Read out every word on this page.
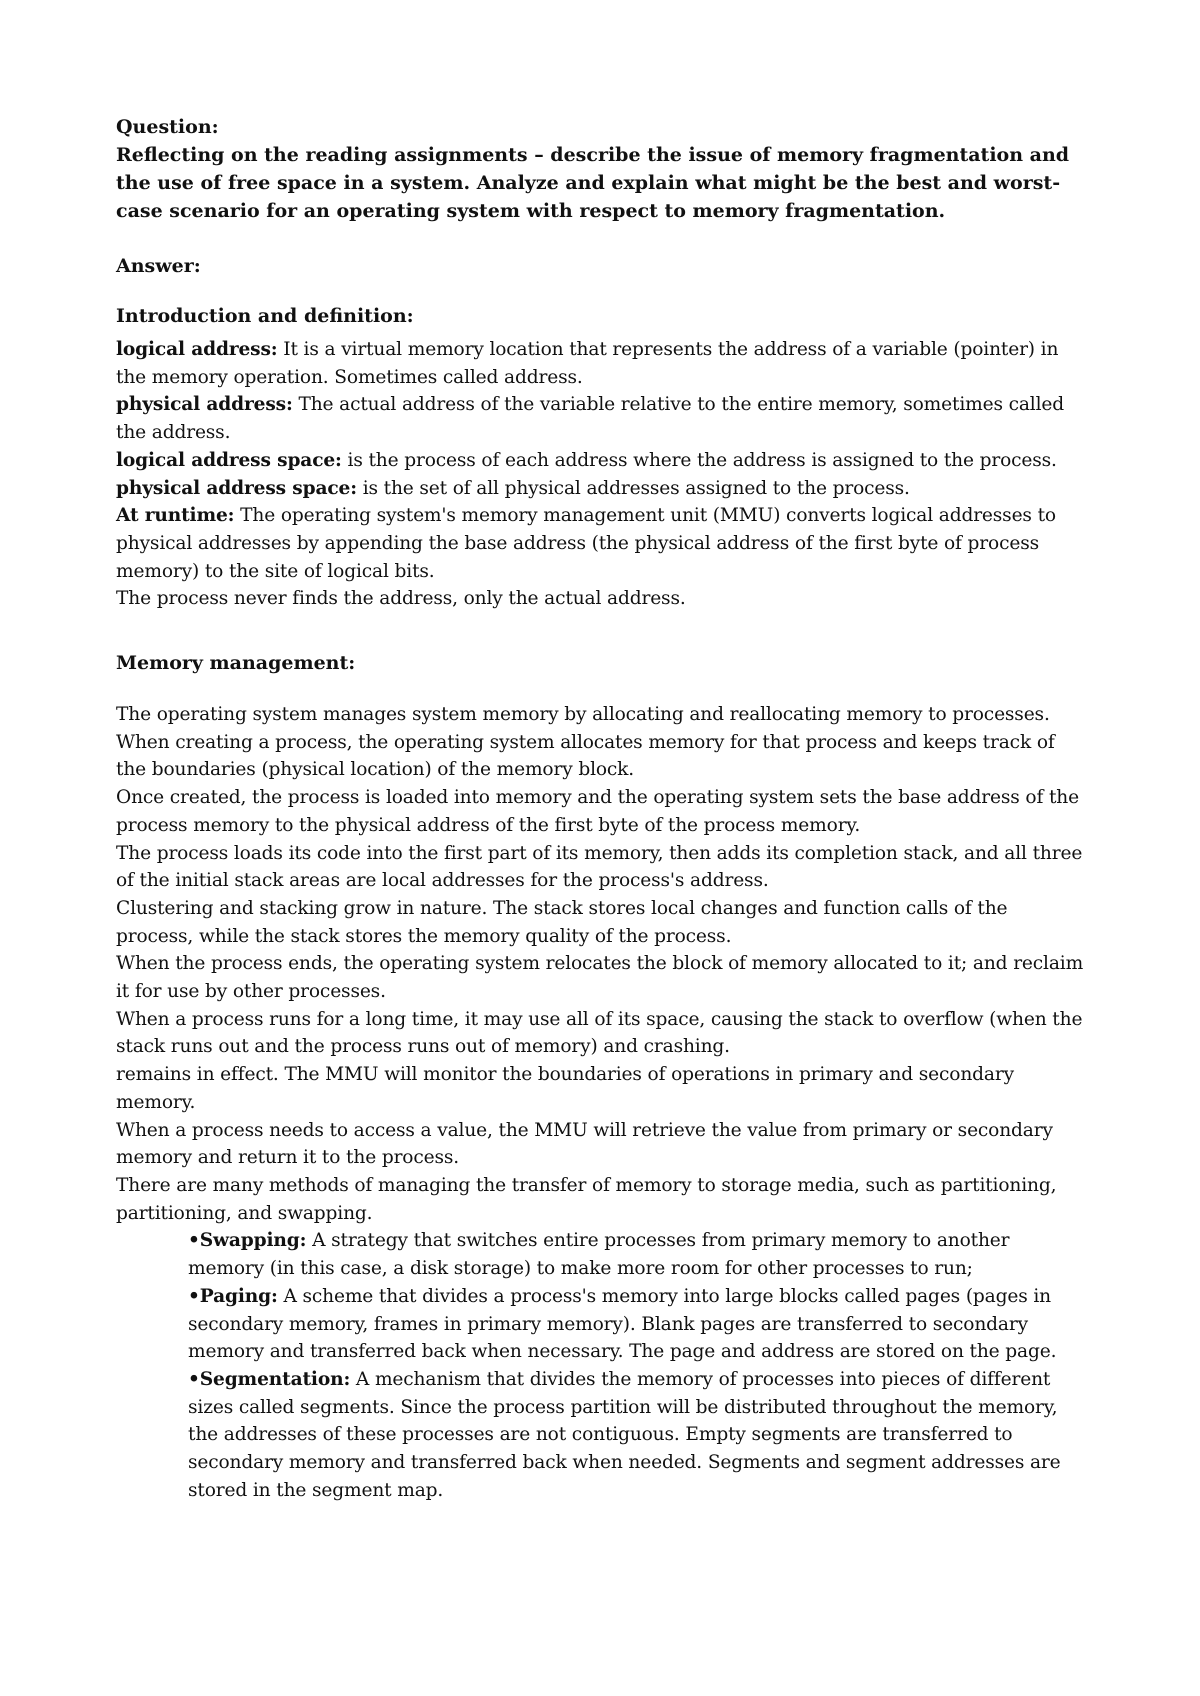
Question:

Reflecting on the reading assignments – describe the issue of memory fragmentation and the use of free space in a system. Analyze and explain what might be the best and worst-case scenario for an operating system with respect to memory fragmentation.

Answer:

Introduction and definition:

logical address: It is a virtual memory location that represents the address of a variable (pointer) in the memory operation. Sometimes called address.

physical address: The actual address of the variable relative to the entire memory, sometimes called the address.

logical address space: is the process of each address where the address is assigned to the process.

physical address space: is the set of all physical addresses assigned to the process.

At runtime: The operating system's memory management unit (MMU) converts logical addresses to physical addresses by appending the base address (the physical address of the first byte of process memory) to the site of logical bits.

The process never finds the address, only the actual address.

Memory management:

The operating system manages system memory by allocating and reallocating memory to processes.

When creating a process, the operating system allocates memory for that process and keeps track of the boundaries (physical location) of the memory block.

Once created, the process is loaded into memory and the operating system sets the base address of the process memory to the physical address of the first byte of the process memory.

The process loads its code into the first part of its memory, then adds its completion stack, and all three of the initial stack areas are local addresses for the process's address.

Clustering and stacking grow in nature. The stack stores local changes and function calls of the process, while the stack stores the memory quality of the process.

When the process ends, the operating system relocates the block of memory allocated to it; and reclaim it for use by other processes.

When a process runs for a long time, it may use all of its space, causing the stack to overflow (when the stack runs out and the process runs out of memory) and crashing.

remains in effect. The MMU will monitor the boundaries of operations in primary and secondary memory.

When a process needs to access a value, the MMU will retrieve the value from primary or secondary memory and return it to the process.

There are many methods of managing the transfer of memory to storage media, such as partitioning, partitioning, and swapping.

•Swapping: A strategy that switches entire processes from primary memory to another memory (in this case, a disk storage) to make more room for other processes to run;
•Paging: A scheme that divides a process's memory into large blocks called pages (pages in secondary memory, frames in primary memory). Blank pages are transferred to secondary memory and transferred back when necessary. The page and address are stored on the page.
•Segmentation: A mechanism that divides the memory of processes into pieces of different sizes called segments. Since the process partition will be distributed throughout the memory, the addresses of these processes are not contiguous. Empty segments are transferred to secondary memory and transferred back when needed. Segments and segment addresses are stored in the segment map.
